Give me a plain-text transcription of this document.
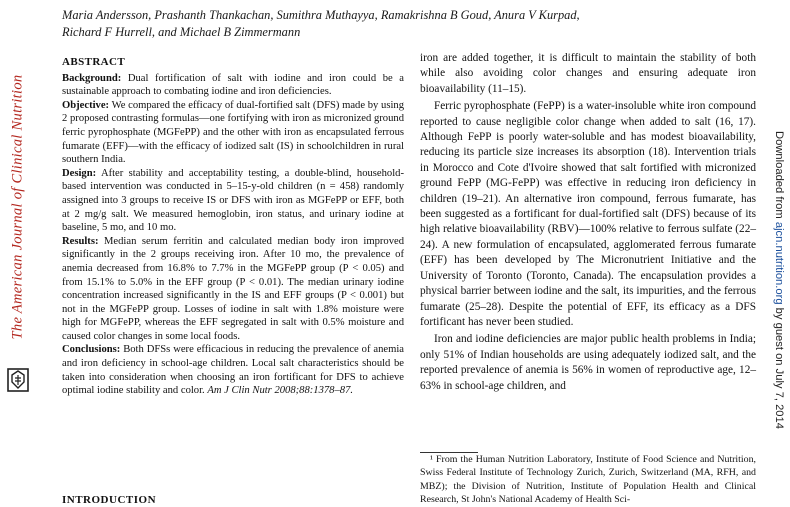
Maria Andersson, Prashanth Thankachan, Sumithra Muthayya, Ramakrishna B Goud, Anura V Kurpad,
Richard F Hurrell, and Michael B Zimmermann
The American Journal of Clinical Nutrition
ABSTRACT

Background: Dual fortification of salt with iodine and iron could be a sustainable approach to combating iodine and iron deficiencies.

Objective: We compared the efficacy of dual-fortified salt (DFS) made by using 2 proposed contrasting formulas—one fortifying with iron as micronized ground ferric pyrophosphate (MGFePP) and the other with iron as encapsulated ferrous fumarate (EFF)—with the efficacy of iodized salt (IS) in schoolchildren in rural southern India.

Design: After stability and acceptability testing, a double-blind, household-based intervention was conducted in 5–15-y-old children (n = 458) randomly assigned into 3 groups to receive IS or DFS with iron as MGFePP or EFF, both at 2 mg/g salt. We measured hemoglobin, iron status, and urinary iodine at baseline, 5 mo, and 10 mo.

Results: Median serum ferritin and calculated median body iron improved significantly in the 2 groups receiving iron. After 10 mo, the prevalence of anemia decreased from 16.8% to 7.7% in the MGFePP group (P < 0.05) and from 15.1% to 5.0% in the EFF group (P < 0.01). The median urinary iodine concentration increased significantly in the IS and EFF groups (P < 0.001) but not in the MGFePP group. Losses of iodine in salt with 1.8% moisture were high for MGFePP, whereas the EFF segregated in salt with 0.5% moisture and caused color changes in some local foods.

Conclusions: Both DFSs were efficacious in reducing the prevalence of anemia and iron deficiency in school-age children. Local salt characteristics should be taken into consideration when choosing an iron fortificant for DFS to achieve optimal iodine stability and color. Am J Clin Nutr 2008;88:1378–87.

INTRODUCTION

iron are added together, it is difficult to maintain the stability of both while also avoiding color changes and ensuring adequate iron bioavailability (11–15).

Ferric pyrophosphate (FePP) is a water-insoluble white iron compound reported to cause negligible color change when added to salt (16, 17). Although FePP is poorly water-soluble and has modest bioavailability, reducing its particle size increases its absorption (18). Intervention trials in Morocco and Cote d'Ivoire showed that salt fortified with micronized ground FePP (MG-FePP) was effective in reducing iron deficiency in children (19–21). An alternative iron compound, ferrous fumarate, has been suggested as a fortificant for dual-fortified salt (DFS) because of its high relative bioavailability (RBV)—100% relative to ferrous sulfate (22–24). A new formulation of encapsulated, agglomerated ferrous fumarate (EFF) has been developed by The Micronutrient Initiative and the University of Toronto (Toronto, Canada). The encapsulation provides a physical barrier between iodine and the salt, its impurities, and the ferrous fumarate (25–28). Despite the potential of EFF, its efficacy as a DFS fortificant has never been studied.

Iron and iodine deficiencies are major public health problems in India; only 51% of Indian households are using adequately iodized salt, and the reported prevalence of anemia is 56% in women of reproductive age, 12–63% in school-age children, and

¹ From the Human Nutrition Laboratory, Institute of Food Science and Nutrition, Swiss Federal Institute of Technology Zurich, Zurich, Switzerland (MA, RFH, and MBZ); the Division of Nutrition, Institute of Population Health and Clinical Research, St John's National Academy of Health Sci-
Downloaded from ajcn.nutrition.org by guest on July 7, 2014
